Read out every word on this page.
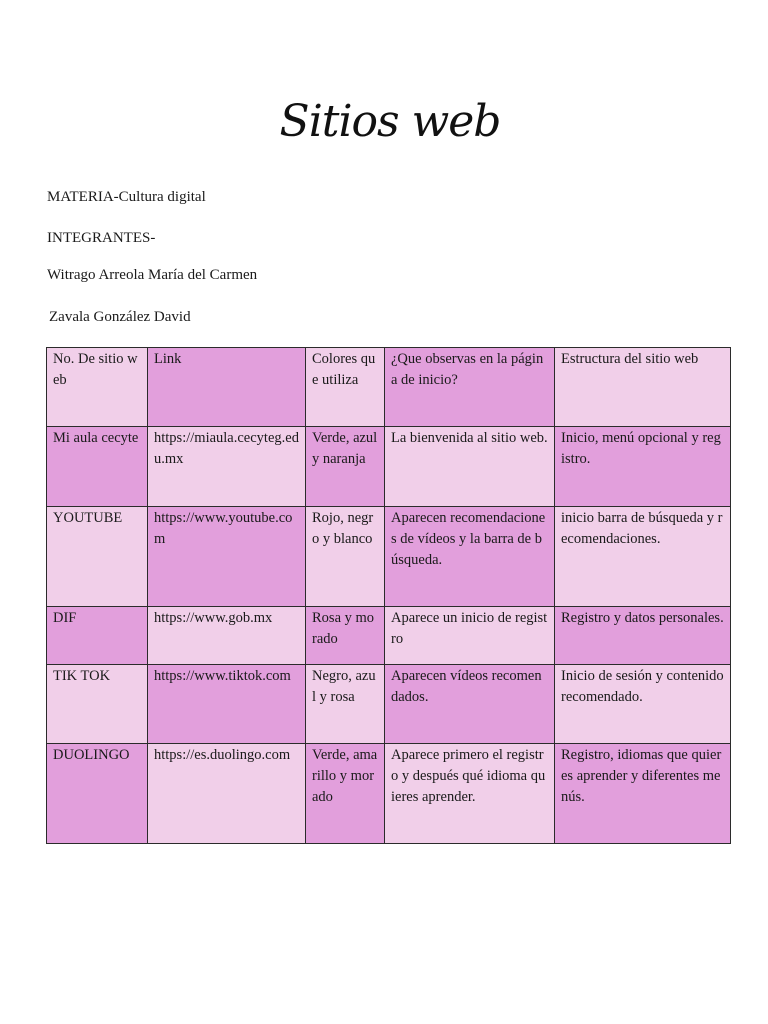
Sitios web
MATERIA-Cultura digital
INTEGRANTES-
Witrago Arreola María del Carmen
Zavala González David
No. De sitio web	Link	Colores que utiliza	¿Que observas en la página de inicio?	Estructura del sitio web
Mi aula cecyte	https://miaula.cecyteg.edu.mx	Verde, azul y naranja	La bienvenida al sitio web.	Inicio, menú opcional y registro.
YOUTUBE	https://www.youtube.com	Rojo, negro y blanco	Aparecen recomendaciones de vídeos y la barra de búsqueda.	inicio barra de búsqueda y recomendaciones.
DIF	https://www.gob.mx	Rosa y morado	Aparece un inicio de registro	Registro y datos personales.
TIK TOK	https://www.tiktok.com	Negro, azul y rosa	Aparecen vídeos recomendados.	Inicio de sesión y contenido recomendado.
DUOLINGO	https://es.duolingo.com	Verde, amarillo y morado	Aparece primero el registro y después qué idioma quieres aprender.	Registro, idiomas que quieres aprender y diferentes menús.
